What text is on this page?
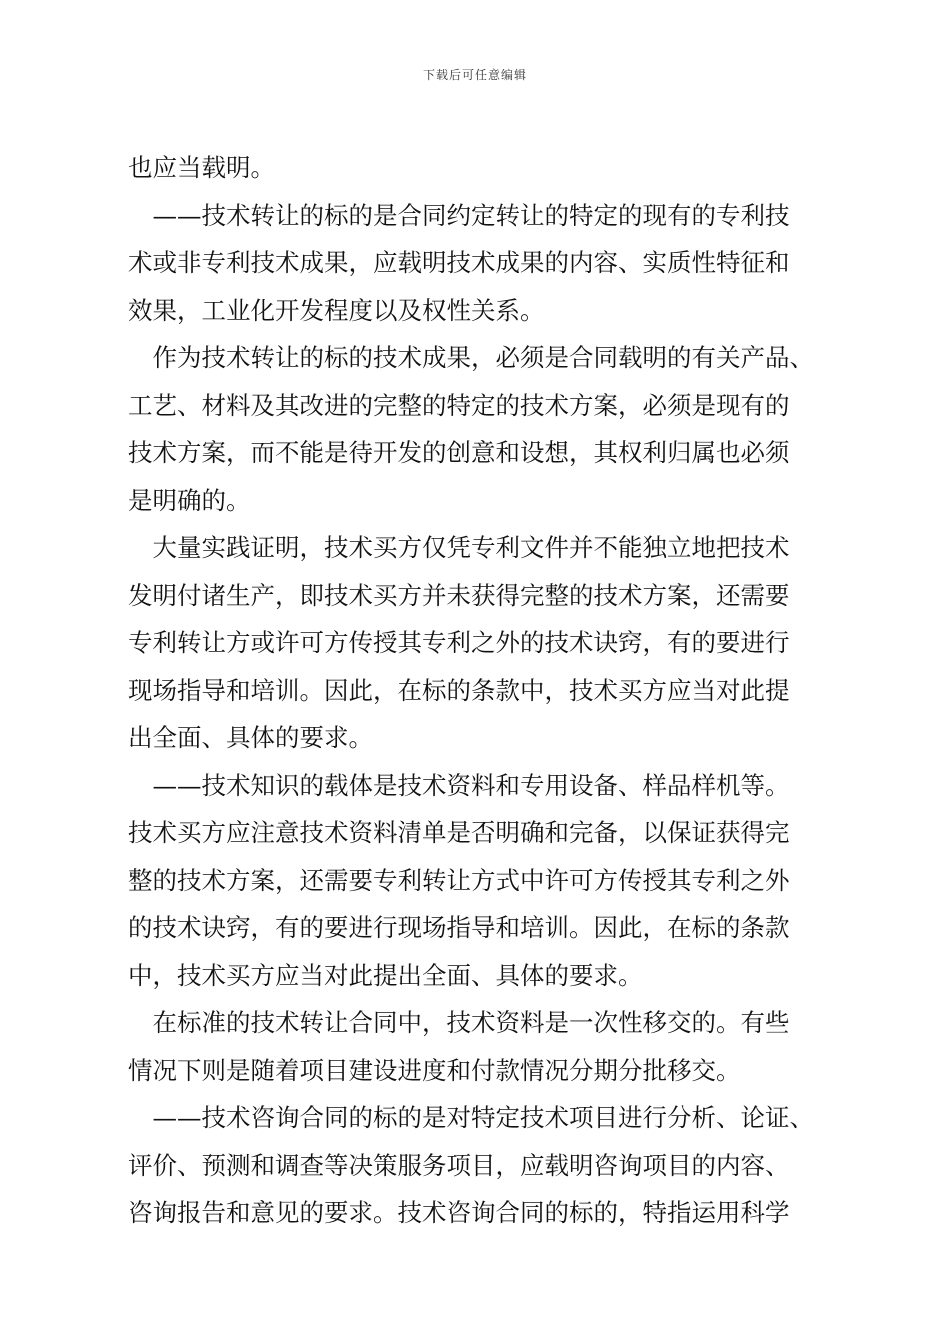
下载后可任意编辑
也应当载明。
　——技术转让的标的是合同约定转让的特定的现有的专利技
术或非专利技术成果，应载明技术成果的内容、实质性特征和
效果，工业化开发程度以及权性关系。
　作为技术转让的标的技术成果，必须是合同载明的有关产品、
工艺、材料及其改进的完整的特定的技术方案，必须是现有的
技术方案，而不能是待开发的创意和设想，其权利归属也必须
是明确的。
　大量实践证明，技术买方仅凭专利文件并不能独立地把技术
发明付诸生产，即技术买方并未获得完整的技术方案，还需要
专利转让方或许可方传授其专利之外的技术诀窍，有的要进行
现场指导和培训。因此，在标的条款中，技术买方应当对此提
出全面、具体的要求。
　——技术知识的载体是技术资料和专用设备、样品样机等。
技术买方应注意技术资料清单是否明确和完备，以保证获得完
整的技术方案，还需要专利转让方式中许可方传授其专利之外
的技术诀窍，有的要进行现场指导和培训。因此，在标的条款
中，技术买方应当对此提出全面、具体的要求。
　在标准的技术转让合同中，技术资料是一次性移交的。有些
情况下则是随着项目建设进度和付款情况分期分批移交。
　——技术咨询合同的标的是对特定技术项目进行分析、论证、
评价、预测和调查等决策服务项目，应载明咨询项目的内容、
咨询报告和意见的要求。技术咨询合同的标的，特指运用科学
